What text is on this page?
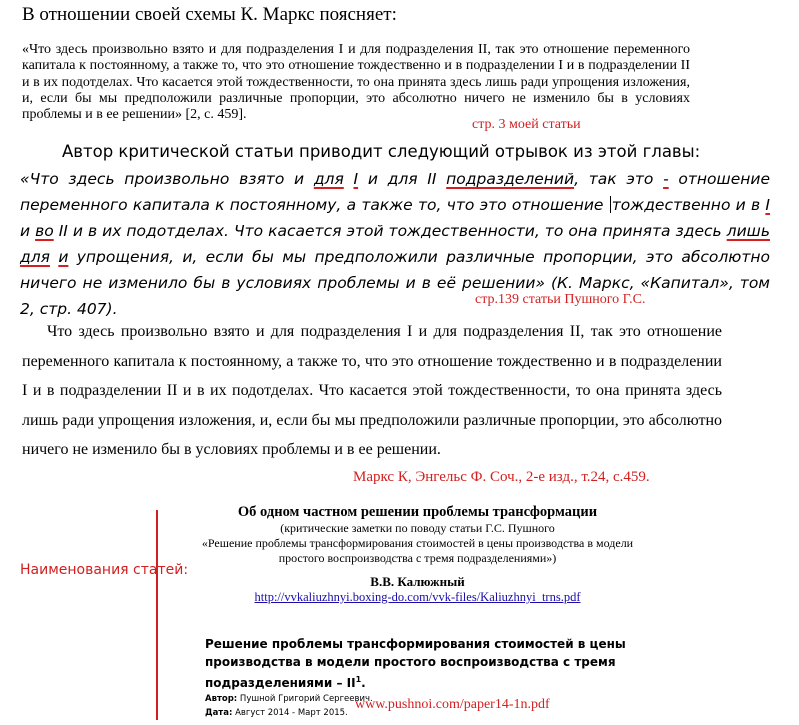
В отношении своей схемы К. Маркс поясняет:
«Что здесь произвольно взято и для подразделения I и для подразделения II, так это отношение переменного капитала к постоянному, а также то, что это отношение тождественно и в подразделении I и в подразделении II и в их подотделах. Что касается этой тождественности, то она принята здесь лишь ради упрощения изложения, и, если бы мы предположили различные пропорции, это абсолютно ничего не изменило бы в условиях проблемы и в ее решении» [2, с. 459].
стр. 3 моей статьи
Автор критической статьи приводит следующий отрывок из этой главы:
«Что здесь произвольно взято и для I и для II подразделений, так это - отношение переменного капитала к постоянному, а также то, что это отношение тождественно и в I и во II и в их подотделах. Что касается этой тождественности, то она принята здесь лишь для и упрощения, и, если бы мы предположили различные пропорции, это абсолютно ничего не изменило бы в условиях проблемы и в её решении» (К. Маркс, «Капитал», том 2, стр. 407).
стр.139 статьи Пушного Г.С.
Что здесь произвольно взято и для подразделения I и для подразделения II, так это отношение переменного капитала к постоянному, а также то, что это отношение тождественно и в подразделении I и в подразделении II и в их подотделах. Что касается этой тождественности, то она принята здесь лишь ради упрощения изложения, и, если бы мы предположили различные пропорции, это абсолютно ничего не изменило бы в условиях проблемы и в ее решении.
Маркс К, Энгельс Ф. Соч., 2-е изд., т.24, с.459.
Наименования статей:
Об одном частном решении проблемы трансформации
(критические заметки по поводу статьи Г.С. Пушного
«Решение проблемы трансформирования стоимостей в цены производства в модели простого воспроизводства с тремя подразделениями»)
В.В. Калюжный
http://vvkaliuzhnyi.boxing-do.com/vvk-files/Kaliuzhnyi_trns.pdf
Решение проблемы трансформирования стоимостей в цены производства в модели простого воспроизводства с тремя подразделениями – $II^1$.
Автор: Пушной Григорий Сергеевич.
Дата: Август 2014 - Март 2015.
www.pushnoi.com/paper14-1n.pdf
